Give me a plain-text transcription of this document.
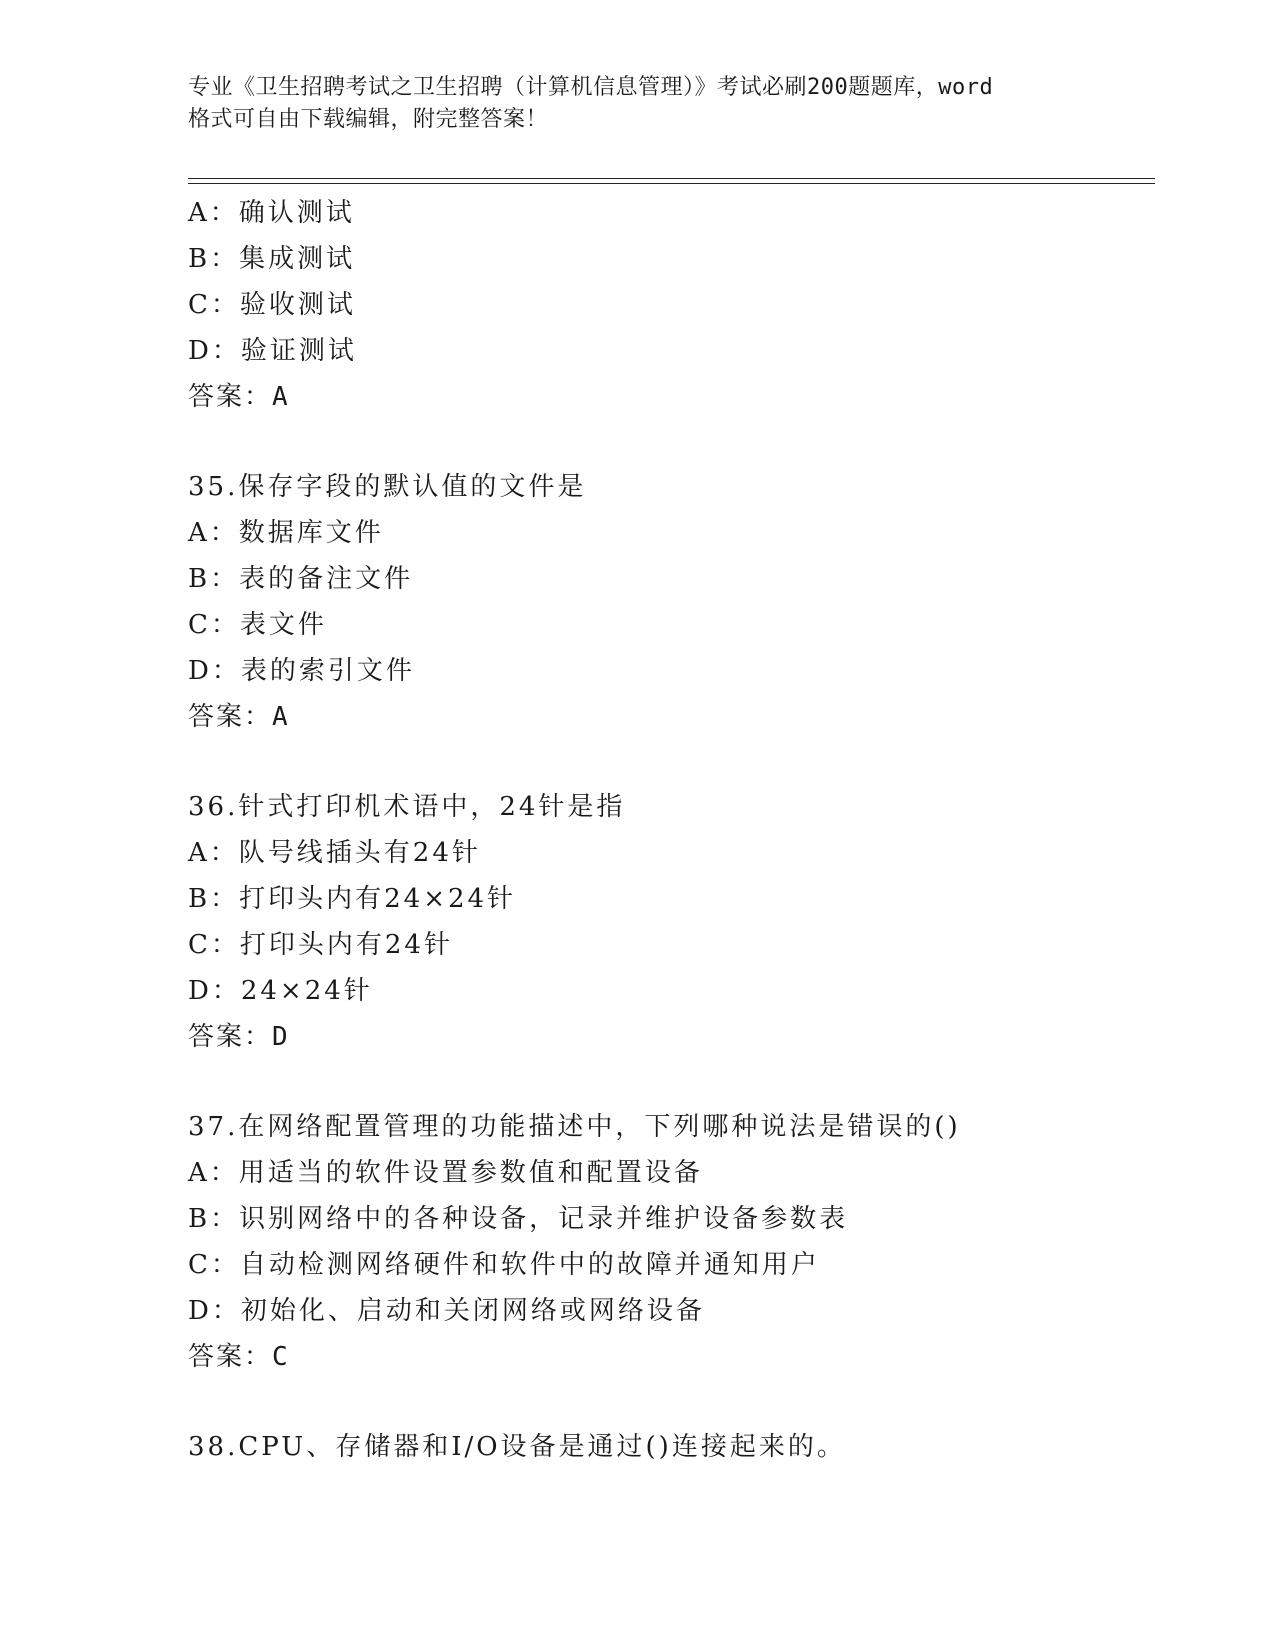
专业《卫生招聘考试之卫生招聘（计算机信息管理）》考试必刷200题题库，word
格式可自由下载编辑，附完整答案！
A：确认测试
B：集成测试
C：验收测试
D：验证测试
答案：A
35.保存字段的默认值的文件是
A：数据库文件
B：表的备注文件
C：表文件
D：表的索引文件
答案：A
36.针式打印机术语中，24针是指
A：队号线插头有24针
B：打印头内有24×24针
C：打印头内有24针
D：24×24针
答案：D
37.在网络配置管理的功能描述中，下列哪种说法是错误的()
A：用适当的软件设置参数值和配置设备
B：识别网络中的各种设备，记录并维护设备参数表
C：自动检测网络硬件和软件中的故障并通知用户
D：初始化、启动和关闭网络或网络设备
答案：C
38.CPU、存储器和I/O设备是通过()连接起来的。
